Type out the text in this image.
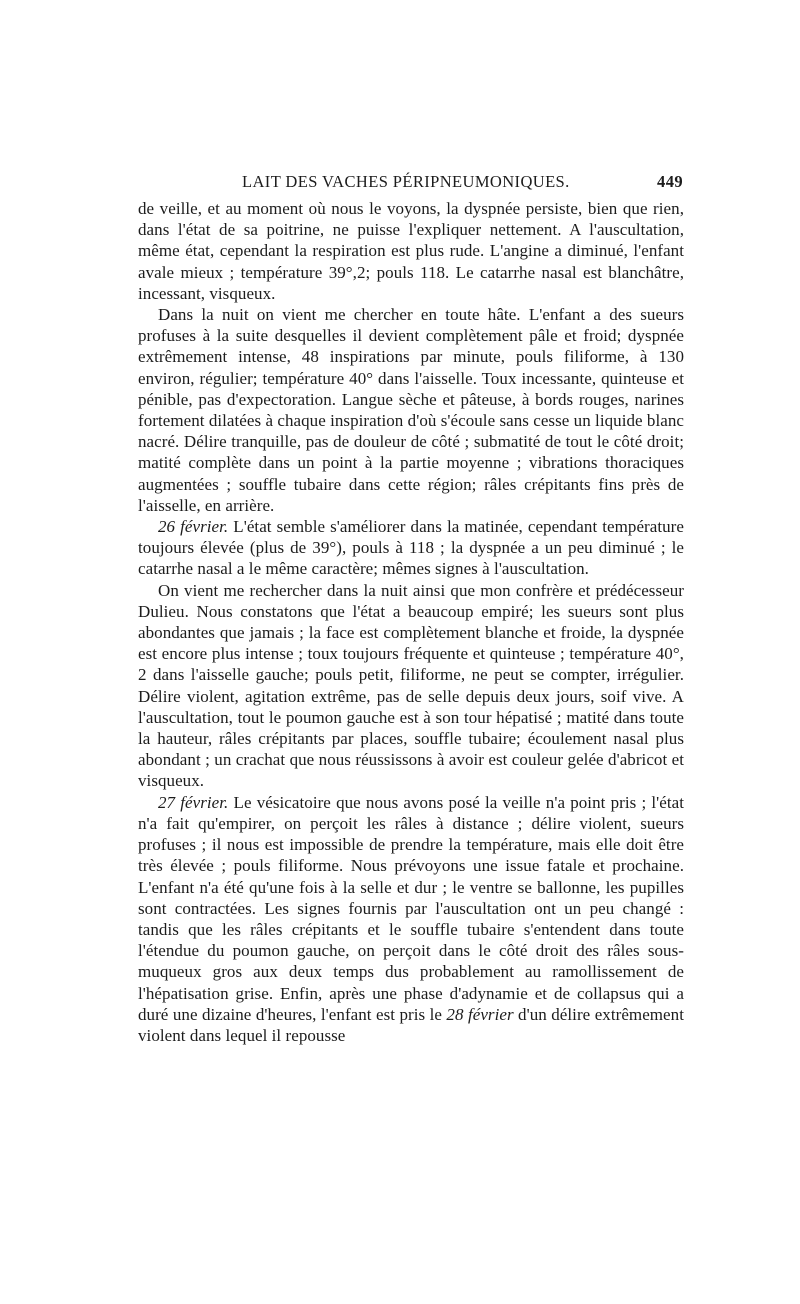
LAIT DES VACHES PÉRIPNEUMONIQUES.	449

de veille, et au moment où nous le voyons, la dyspnée persiste, bien que rien, dans l'état de sa poitrine, ne puisse l'expliquer nettement. A l'auscultation, même état, cependant la respiration est plus rude. L'angine a diminué, l'enfant avale mieux ; température 39°,2; pouls 118. Le catarrhe nasal est blanchâtre, incessant, visqueux.

Dans la nuit on vient me chercher en toute hâte. L'enfant a des sueurs profuses à la suite desquelles il devient complètement pâle et froid; dyspnée extrêmement intense, 48 inspirations par minute, pouls filiforme, à 130 environ, régulier; température 40° dans l'aisselle. Toux incessante, quinteuse et pénible, pas d'expectoration. Langue sèche et pâteuse, à bords rouges, narines fortement dilatées à chaque inspiration d'où s'écoule sans cesse un liquide blanc nacré. Délire tranquille, pas de douleur de côté ; submatité de tout le côté droit; matité complète dans un point à la partie moyenne ; vibrations thoraciques augmentées ; souffle tubaire dans cette région; râles crépitants fins près de l'aisselle, en arrière.

26 février. L'état semble s'améliorer dans la matinée, cependant température toujours élevée (plus de 39°), pouls à 118 ; la dyspnée a un peu diminué ; le catarrhe nasal a le même caractère; mêmes signes à l'auscultation.

On vient me rechercher dans la nuit ainsi que mon confrère et prédécesseur Dulieu. Nous constatons que l'état a beaucoup empiré; les sueurs sont plus abondantes que jamais ; la face est complètement blanche et froide, la dyspnée est encore plus intense ; toux toujours fréquente et quinteuse ; température 40°, 2 dans l'aisselle gauche; pouls petit, filiforme, ne peut se compter, irrégulier. Délire violent, agitation extrême, pas de selle depuis deux jours, soif vive. A l'auscultation, tout le poumon gauche est à son tour hépatisé ; matité dans toute la hauteur, râles crépitants par places, souffle tubaire; écoulement nasal plus abondant ; un crachat que nous réussissons à avoir est couleur gelée d'abricot et visqueux.

27 février. Le vésicatoire que nous avons posé la veille n'a point pris ; l'état n'a fait qu'empirer, on perçoit les râles à distance ; délire violent, sueurs profuses ; il nous est impossible de prendre la température, mais elle doit être très élevée ; pouls filiforme. Nous prévoyons une issue fatale et prochaine. L'enfant n'a été qu'une fois à la selle et dur ; le ventre se ballonne, les pupilles sont contractées. Les signes fournis par l'auscultation ont un peu changé : tandis que les râles crépitants et le souffle tubaire s'entendent dans toute l'étendue du poumon gauche, on perçoit dans le côté droit des râles sous-muqueux gros aux deux temps dus probablement au ramollissement de l'hépatisation grise. Enfin, après une phase d'adynamie et de collapsus qui a duré une dizaine d'heures, l'enfant est pris le 28 février d'un délire extrêmement violent dans lequel il repousse
